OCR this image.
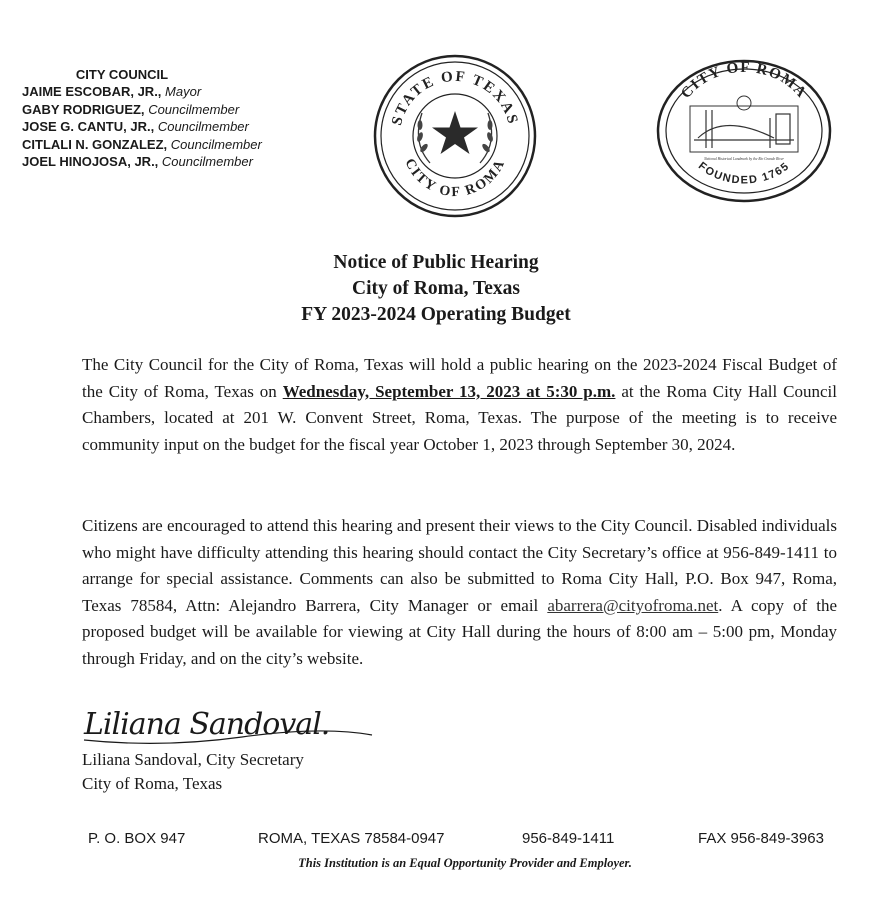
CITY COUNCIL
JAIME ESCOBAR, JR., Mayor
GABY RODRIGUEZ, Councilmember
JOSE G. CANTU, JR., Councilmember
CITLALI N. GONZALEZ, Councilmember
JOEL HINOJOSA, JR., Councilmember
STATE OF TEXAS
CITY OF ROMA
CITY OF ROMA
FOUNDED 1765
National Historical Landmark by the Rio Grande River
Notice of Public Hearing
City of Roma, Texas
FY 2023-2024 Operating Budget

The City Council for the City of Roma, Texas will hold a public hearing on the 2023-2024 Fiscal Budget of the City of Roma, Texas on Wednesday, September 13, 2023 at 5:30 p.m. at the Roma City Hall Council Chambers, located at 201 W. Convent Street, Roma, Texas. The purpose of the meeting is to receive community input on the budget for the fiscal year October 1, 2023 through September 30, 2024.

Citizens are encouraged to attend this hearing and present their views to the City Council. Disabled individuals who might have difficulty attending this hearing should contact the City Secretary’s office at 956-849-1411 to arrange for special assistance. Comments can also be submitted to Roma City Hall, P.O. Box 947, Roma, Texas 78584, Attn: Alejandro Barrera, City Manager or email abarrera@cityofroma.net. A copy of the proposed budget will be available for viewing at City Hall during the hours of 8:00 am – 5:00 pm, Monday through Friday, and on the city’s website.

Liliana Sandoval.
Liliana Sandoval, City Secretary
City of Roma, Texas
P. O. BOX 947	ROMA, TEXAS 78584-0947	956-849-1411	FAX 956-849-3963
This Institution is an Equal Opportunity Provider and Employer.
